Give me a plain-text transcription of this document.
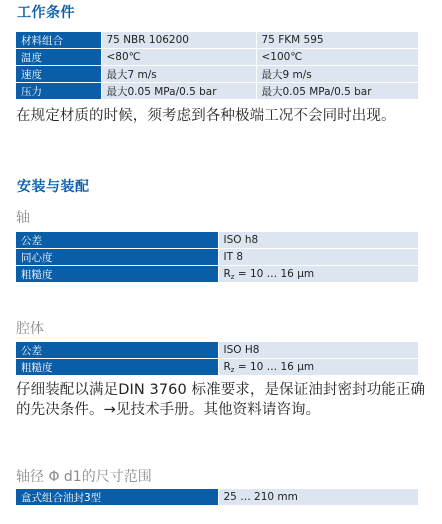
工作条件
材料组合	75 NBR 106200	75 FKM 595
温度	<80℃	<100℃
速度	最大7 m/s	最大9 m/s
压力	最大0.05 MPa/0.5 bar	最大0.05 MPa/0.5 bar
在规定材质的时候，须考虑到各种极端工况不会同时出现。
安装与装配
轴
公差	ISO h8
同心度	IT 8
粗糙度	$R_z = 10$ … 16 μm
腔体
公差	ISO H8
粗糙度	$R_z = 10$ … 16 μm
仔细装配以满足DIN 3760 标准要求，是保证油封密封功能正确的先决条件。→见技术手册。其他资料请咨询。
轴径 Φ d1的尺寸范围
盒式组合油封3型	25 … 210 mm
